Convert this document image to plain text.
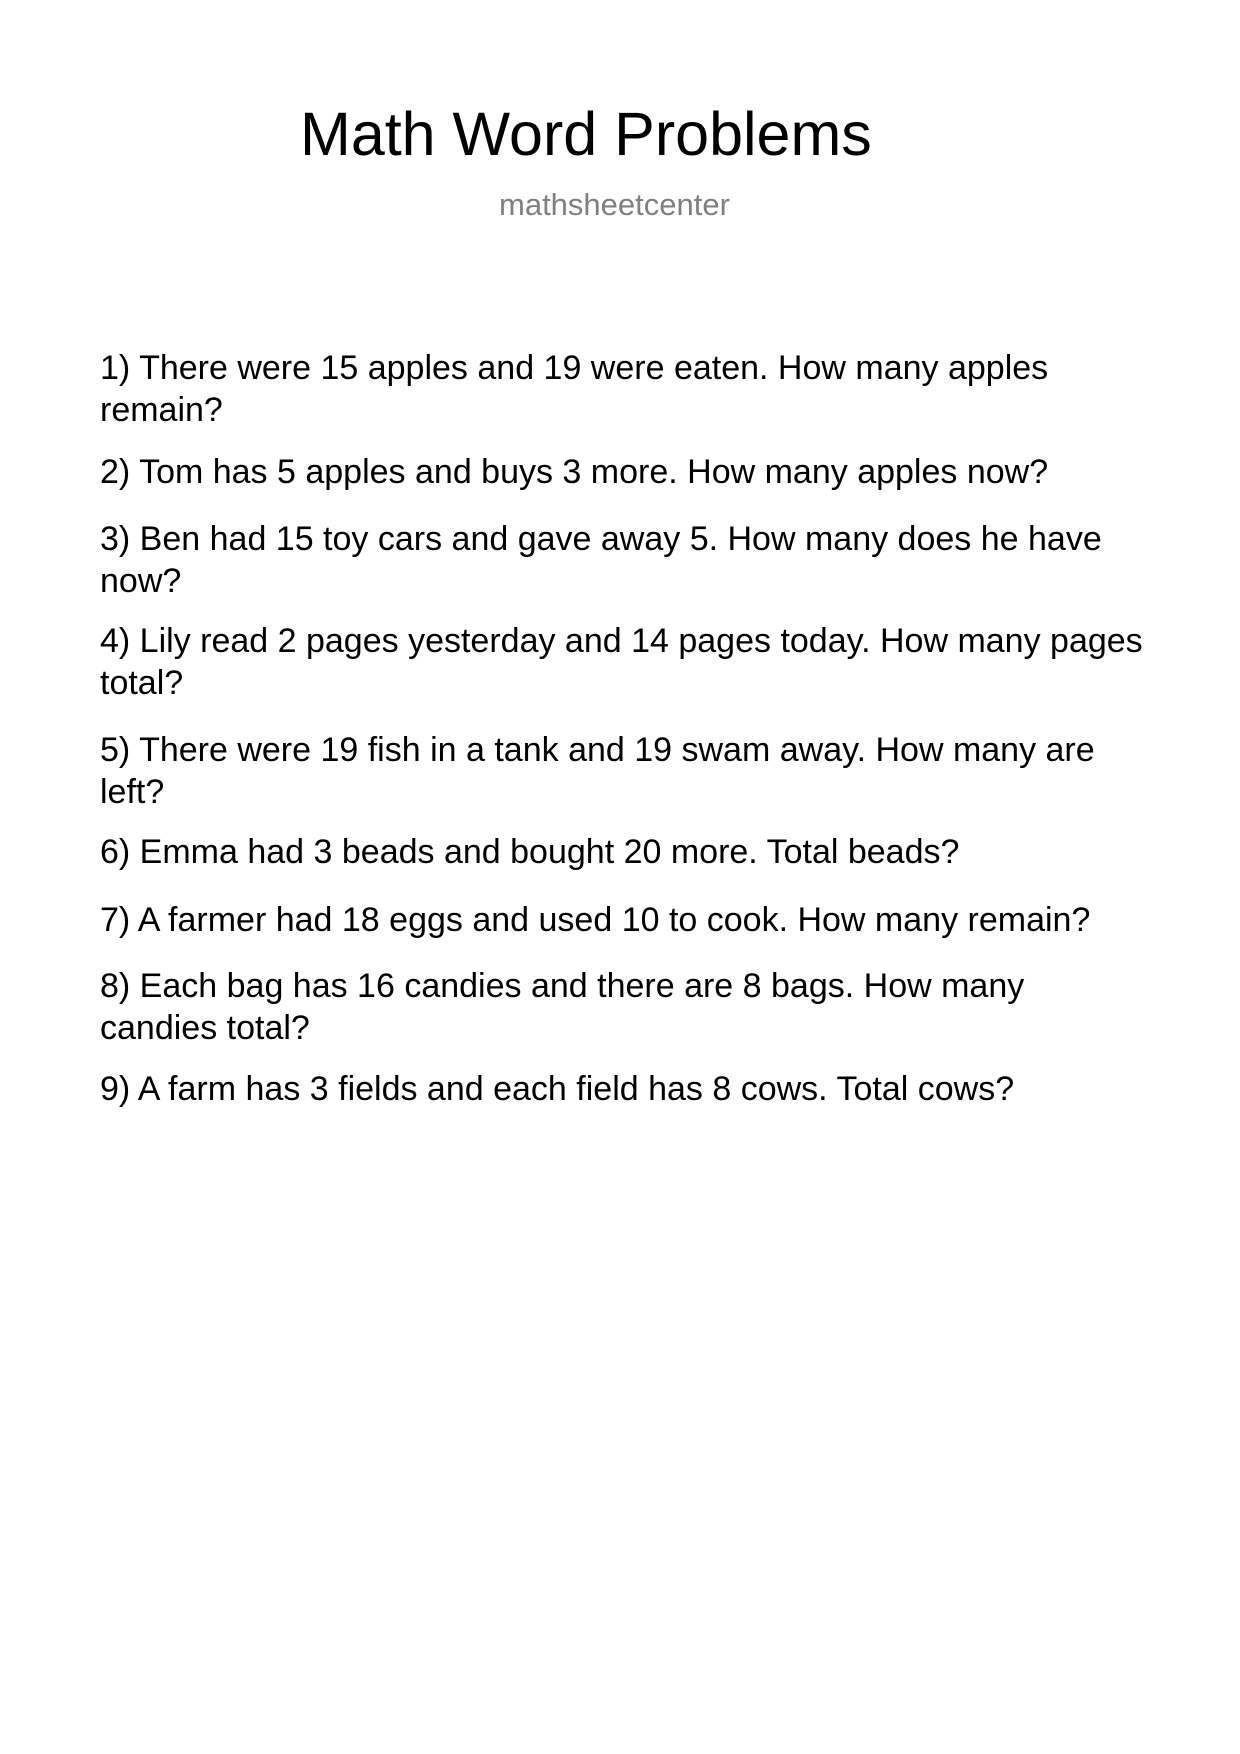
Math Word Problems
mathsheetcenter
1) There were 15 apples and 19 were eaten. How many apples remain?
2) Tom has 5 apples and buys 3 more. How many apples now?
3) Ben had 15 toy cars and gave away 5. How many does he have now?
4) Lily read 2 pages yesterday and 14 pages today. How many pages total?
5) There were 19 fish in a tank and 19 swam away. How many are left?
6) Emma had 3 beads and bought 20 more. Total beads?
7) A farmer had 18 eggs and used 10 to cook. How many remain?
8) Each bag has 16 candies and there are 8 bags. How many candies total?
9) A farm has 3 fields and each field has 8 cows. Total cows?
